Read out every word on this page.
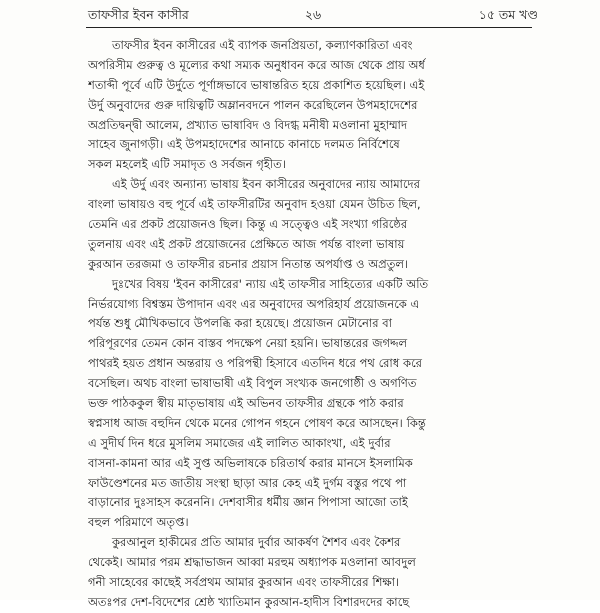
তাফসীর ইবন কাসীর	২৬	১৫ তম খণ্ড
তাফসীর ইবন কাসীরের এই ব্যাপক জনপ্রিয়তা, কল্যাণকারিতা এবং
অপরিসীম গুরুত্ব ও মূল্যের কথা সম্যক অনুধাবন করে আজ থেকে প্রায় অর্ধ
শতাব্দী পূর্বে এটি উর্দুতে পূর্ণাঙ্গভাবে ভাষান্তরিত হয়ে প্রকাশিত হয়েছিল। এই
উর্দু অনুবাদের গুরু দায়িত্বটি অম্লানবদনে পালন করেছিলেন উপমহাদেশের
অপ্রতিদ্বন্দ্বী আলেম, প্রখ্যাত ভাষাবিদ ও বিদগ্ধ মনীষী মওলানা মুহাম্মাদ
সাহেব জুনাগড়ী। এই উপমহাদেশের আনাচে কানাচে দলমত নির্বিশেষে
সকল মহলেই এটি সমাদৃত ও সর্বজন গৃহীত।
এই উর্দু এবং অন্যান্য ভাষায় ইবন কাসীরের অনুবাদের ন্যায় আমাদের
বাংলা ভাষায়ও বহু পূর্বে এই তাফসীরটির অনুবাদ হওয়া যেমন উচিত ছিল,
তেমনি এর প্রকট প্রয়োজনও ছিল। কিন্তু এ সত্ত্বেও এই সংখ্যা গরিষ্ঠের
তুলনায় এবং এই প্রকট প্রয়োজনের প্রেক্ষিতে আজ পর্যন্ত বাংলা ভাষায়
কুরআন তরজমা ও তাফসীর রচনার প্রয়াস নিতান্ত অপর্যাপ্ত ও অপ্রতুল।
দুঃখের বিষয় 'ইবন কাসীরের' ন্যায় এই তাফসীর সাহিত্যের একটি অতি
নির্ভরযোগ্য বিশ্বস্তম উপাদান এবং এর অনুবাদের অপরিহার্য প্রয়োজনকে এ
পর্যন্ত শুধু মৌখিকভাবে উপলব্ধি করা হয়েছে। প্রয়োজন মেটানোর বা
পরিপূরণের তেমন কোন বাস্তব পদক্ষেপ নেয়া হয়নি। ভাষান্তরের জগদ্দল
পাথরই হয়ত প্রধান অন্তরায় ও পরিপন্থী হিসাবে এতদিন ধরে পথ রোধ করে
বসেছিল। অথচ বাংলা ভাষাভাষী এই বিপুল সংখ্যক জনগোষ্ঠী ও অগণিত
ভক্ত পাঠককুল স্বীয় মাতৃভাষায় এই অভিনব তাফসীর গ্রন্থকে পাঠ করার
স্বপ্নসাধ আজ বহুদিন থেকে মনের গোপন গহনে পোষণ করে আসছেন। কিন্তু
এ সুদীর্ঘ দিন ধরে মুসলিম সমাজের এই লালিত আকাংখা, এই দুর্বার
বাসনা-কামনা আর এই সুপ্ত অভিলাষকে চরিতার্থ করার মানসে ইসলামিক
ফাউণ্ডেশনের মত জাতীয় সংস্থা ছাড়া আর কেহ এই দুর্গম বস্তুর পথে পা
বাড়ানোর দুঃসাহস করেননি। দেশবাসীর ধর্মীয় জ্ঞান পিপাসা আজো তাই
বহুল পরিমাণে অতৃপ্ত।
কুরআনুল হাকীমের প্রতি আমার দুর্বার আকর্ষণ শৈশব এবং কৈশর
থেকেই। আমার পরম শ্রদ্ধাভাজন আব্বা মরহুম অধ্যাপক মওলানা আবদুল
গনী সাহেবের কাছেই সর্বপ্রথম আমার কুরআন এবং তাফসীরের শিক্ষা।
অতঃপর দেশ-বিদেশের শ্রেষ্ঠ খ্যাতিমান কুরআন-হাদীস বিশারদদের কাছে
